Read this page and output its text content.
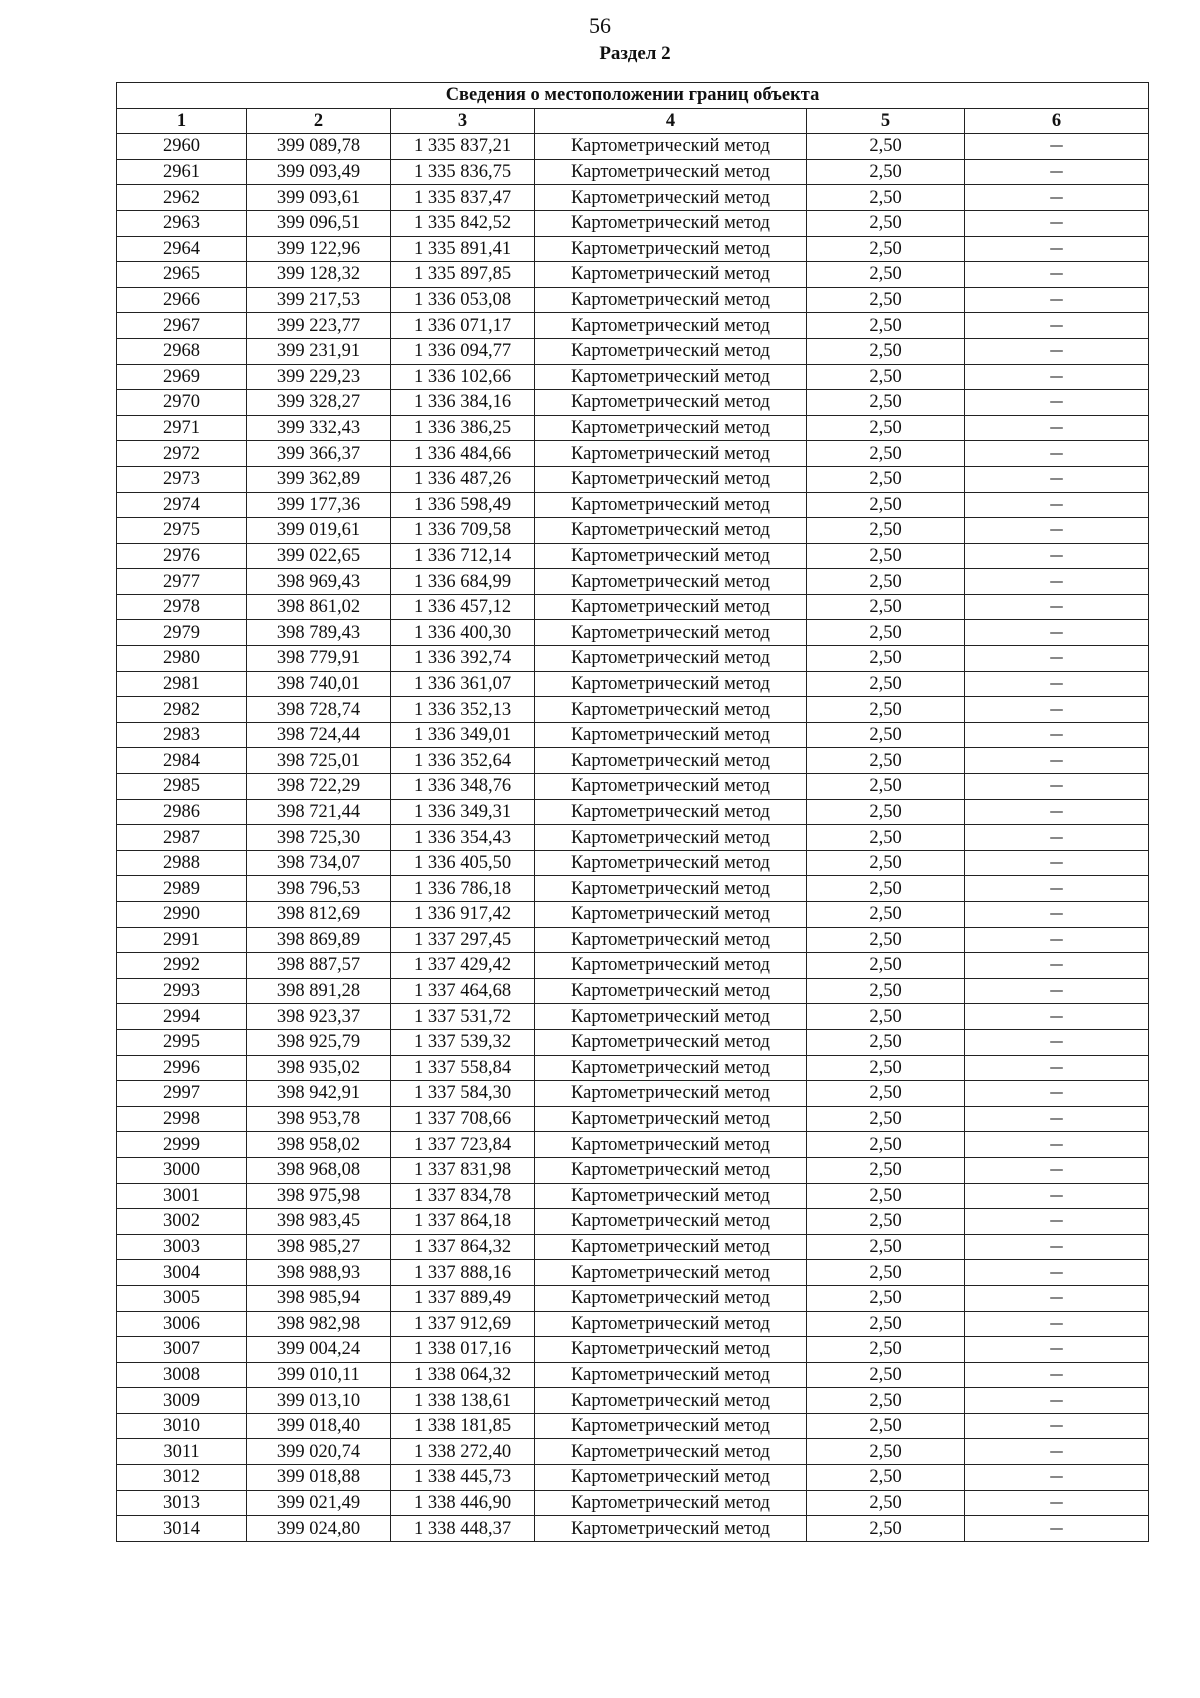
56
Раздел 2
Сведения о местоположении границ объекта					
1	2	3	4	5	6
2960	399 089,78	1 335 837,21	Картометрический метод	2,50	—
2961	399 093,49	1 335 836,75	Картометрический метод	2,50	—
2962	399 093,61	1 335 837,47	Картометрический метод	2,50	—
2963	399 096,51	1 335 842,52	Картометрический метод	2,50	—
2964	399 122,96	1 335 891,41	Картометрический метод	2,50	—
2965	399 128,32	1 335 897,85	Картометрический метод	2,50	—
2966	399 217,53	1 336 053,08	Картометрический метод	2,50	—
2967	399 223,77	1 336 071,17	Картометрический метод	2,50	—
2968	399 231,91	1 336 094,77	Картометрический метод	2,50	—
2969	399 229,23	1 336 102,66	Картометрический метод	2,50	—
2970	399 328,27	1 336 384,16	Картометрический метод	2,50	—
2971	399 332,43	1 336 386,25	Картометрический метод	2,50	—
2972	399 366,37	1 336 484,66	Картометрический метод	2,50	—
2973	399 362,89	1 336 487,26	Картометрический метод	2,50	—
2974	399 177,36	1 336 598,49	Картометрический метод	2,50	—
2975	399 019,61	1 336 709,58	Картометрический метод	2,50	—
2976	399 022,65	1 336 712,14	Картометрический метод	2,50	—
2977	398 969,43	1 336 684,99	Картометрический метод	2,50	—
2978	398 861,02	1 336 457,12	Картометрический метод	2,50	—
2979	398 789,43	1 336 400,30	Картометрический метод	2,50	—
2980	398 779,91	1 336 392,74	Картометрический метод	2,50	—
2981	398 740,01	1 336 361,07	Картометрический метод	2,50	—
2982	398 728,74	1 336 352,13	Картометрический метод	2,50	—
2983	398 724,44	1 336 349,01	Картометрический метод	2,50	—
2984	398 725,01	1 336 352,64	Картометрический метод	2,50	—
2985	398 722,29	1 336 348,76	Картометрический метод	2,50	—
2986	398 721,44	1 336 349,31	Картометрический метод	2,50	—
2987	398 725,30	1 336 354,43	Картометрический метод	2,50	—
2988	398 734,07	1 336 405,50	Картометрический метод	2,50	—
2989	398 796,53	1 336 786,18	Картометрический метод	2,50	—
2990	398 812,69	1 336 917,42	Картометрический метод	2,50	—
2991	398 869,89	1 337 297,45	Картометрический метод	2,50	—
2992	398 887,57	1 337 429,42	Картометрический метод	2,50	—
2993	398 891,28	1 337 464,68	Картометрический метод	2,50	—
2994	398 923,37	1 337 531,72	Картометрический метод	2,50	—
2995	398 925,79	1 337 539,32	Картометрический метод	2,50	—
2996	398 935,02	1 337 558,84	Картометрический метод	2,50	—
2997	398 942,91	1 337 584,30	Картометрический метод	2,50	—
2998	398 953,78	1 337 708,66	Картометрический метод	2,50	—
2999	398 958,02	1 337 723,84	Картометрический метод	2,50	—
3000	398 968,08	1 337 831,98	Картометрический метод	2,50	—
3001	398 975,98	1 337 834,78	Картометрический метод	2,50	—
3002	398 983,45	1 337 864,18	Картометрический метод	2,50	—
3003	398 985,27	1 337 864,32	Картометрический метод	2,50	—
3004	398 988,93	1 337 888,16	Картометрический метод	2,50	—
3005	398 985,94	1 337 889,49	Картометрический метод	2,50	—
3006	398 982,98	1 337 912,69	Картометрический метод	2,50	—
3007	399 004,24	1 338 017,16	Картометрический метод	2,50	—
3008	399 010,11	1 338 064,32	Картометрический метод	2,50	—
3009	399 013,10	1 338 138,61	Картометрический метод	2,50	—
3010	399 018,40	1 338 181,85	Картометрический метод	2,50	—
3011	399 020,74	1 338 272,40	Картометрический метод	2,50	—
3012	399 018,88	1 338 445,73	Картометрический метод	2,50	—
3013	399 021,49	1 338 446,90	Картометрический метод	2,50	—
3014	399 024,80	1 338 448,37	Картометрический метод	2,50	—
